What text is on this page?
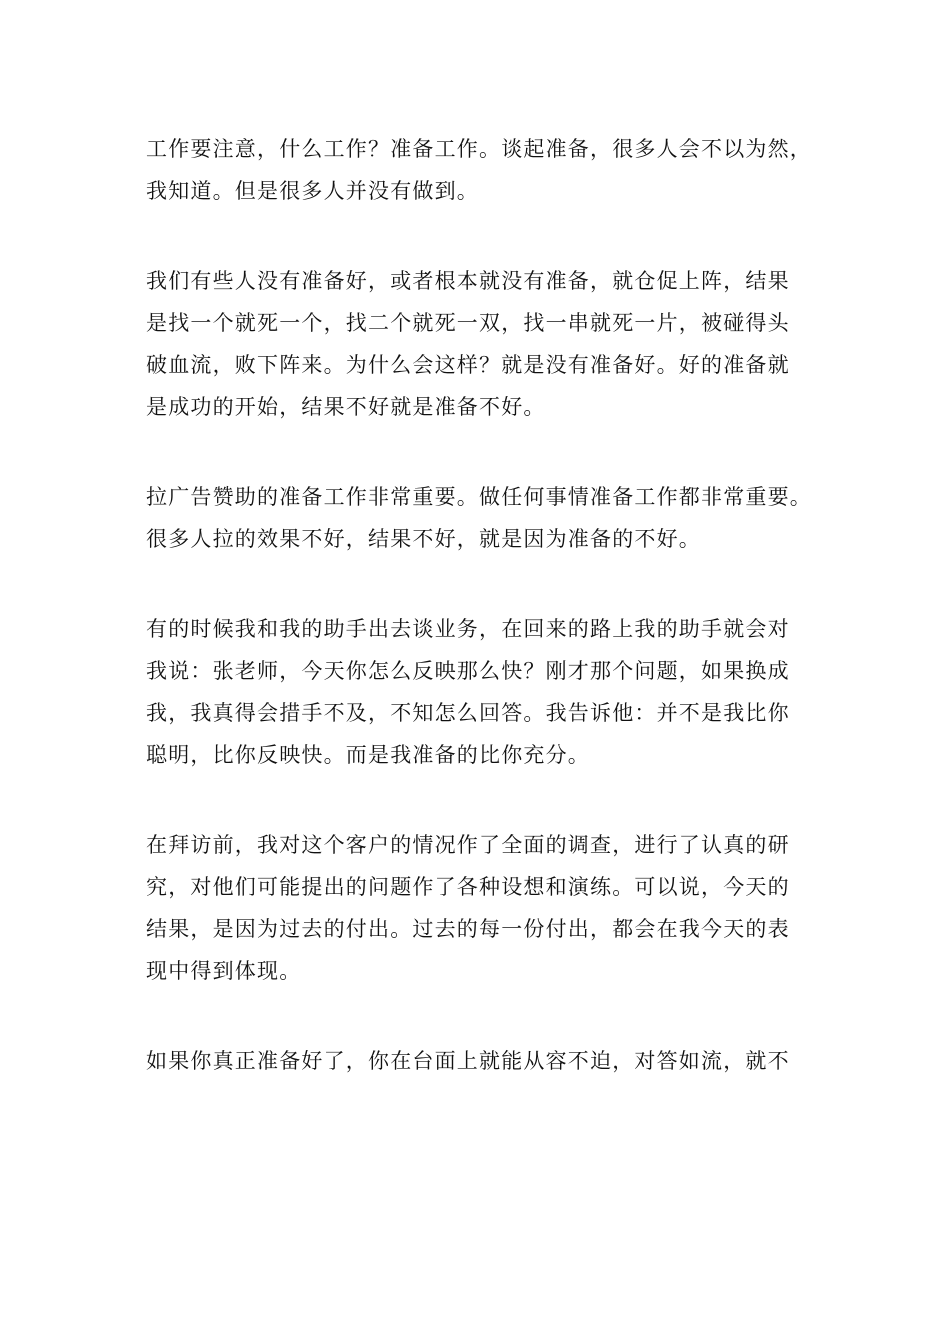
工作要注意，什么工作？准备工作。谈起准备，很多人会不以为然，
我知道。但是很多人并没有做到。

我们有些人没有准备好，或者根本就没有准备，就仓促上阵，结果
是找一个就死一个，找二个就死一双，找一串就死一片，被碰得头
破血流，败下阵来。为什么会这样？就是没有准备好。好的准备就
是成功的开始，结果不好就是准备不好。

拉广告赞助的准备工作非常重要。做任何事情准备工作都非常重要。
很多人拉的效果不好，结果不好，就是因为准备的不好。

有的时候我和我的助手出去谈业务，在回来的路上我的助手就会对
我说：张老师，今天你怎么反映那么快？刚才那个问题，如果换成
我，我真得会措手不及，不知怎么回答。我告诉他：并不是我比你
聪明，比你反映快。而是我准备的比你充分。

在拜访前，我对这个客户的情况作了全面的调查，进行了认真的研
究，对他们可能提出的问题作了各种设想和演练。可以说，今天的
结果，是因为过去的付出。过去的每一份付出，都会在我今天的表
现中得到体现。

如果你真正准备好了，你在台面上就能从容不迫，对答如流，就不
